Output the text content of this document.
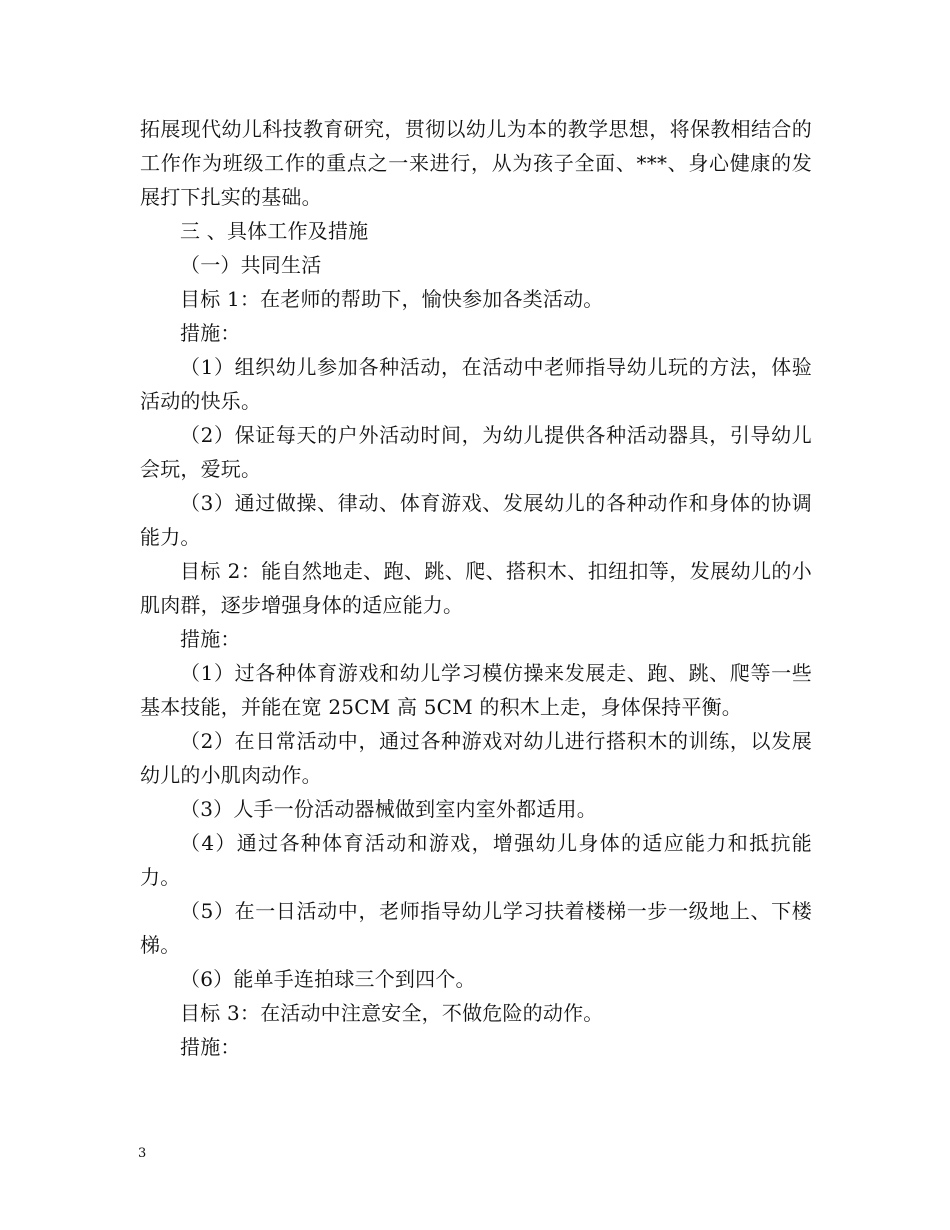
拓展现代幼儿科技教育研究，贯彻以幼儿为本的教学思想，将保教相结合的工作作为班级工作的重点之一来进行，从为孩子全面、***、身心健康的发展打下扎实的基础。

三 、具体工作及措施

（一）共同生活

目标 1：在老师的帮助下，愉快参加各类活动。

措施：

（1）组织幼儿参加各种活动，在活动中老师指导幼儿玩的方法，体验活动的快乐。

（2）保证每天的户外活动时间，为幼儿提供各种活动器具，引导幼儿会玩，爱玩。

（3）通过做操、律动、体育游戏、发展幼儿的各种动作和身体的协调能力。

目标 2：能自然地走、跑、跳、爬、搭积木、扣纽扣等，发展幼儿的小肌肉群，逐步增强身体的适应能力。

措施：

（1）过各种体育游戏和幼儿学习模仿操来发展走、跑、跳、爬等一些基本技能，并能在宽 25CM 高 5CM 的积木上走，身体保持平衡。

（2）在日常活动中，通过各种游戏对幼儿进行搭积木的训练，以发展幼儿的小肌肉动作。

（3）人手一份活动器械做到室内室外都适用。

（4）通过各种体育活动和游戏，增强幼儿身体的适应能力和抵抗能力。

（5）在一日活动中，老师指导幼儿学习扶着楼梯一步一级地上、下楼梯。

（6）能单手连拍球三个到四个。

目标 3：在活动中注意安全，不做危险的动作。

措施：

3
